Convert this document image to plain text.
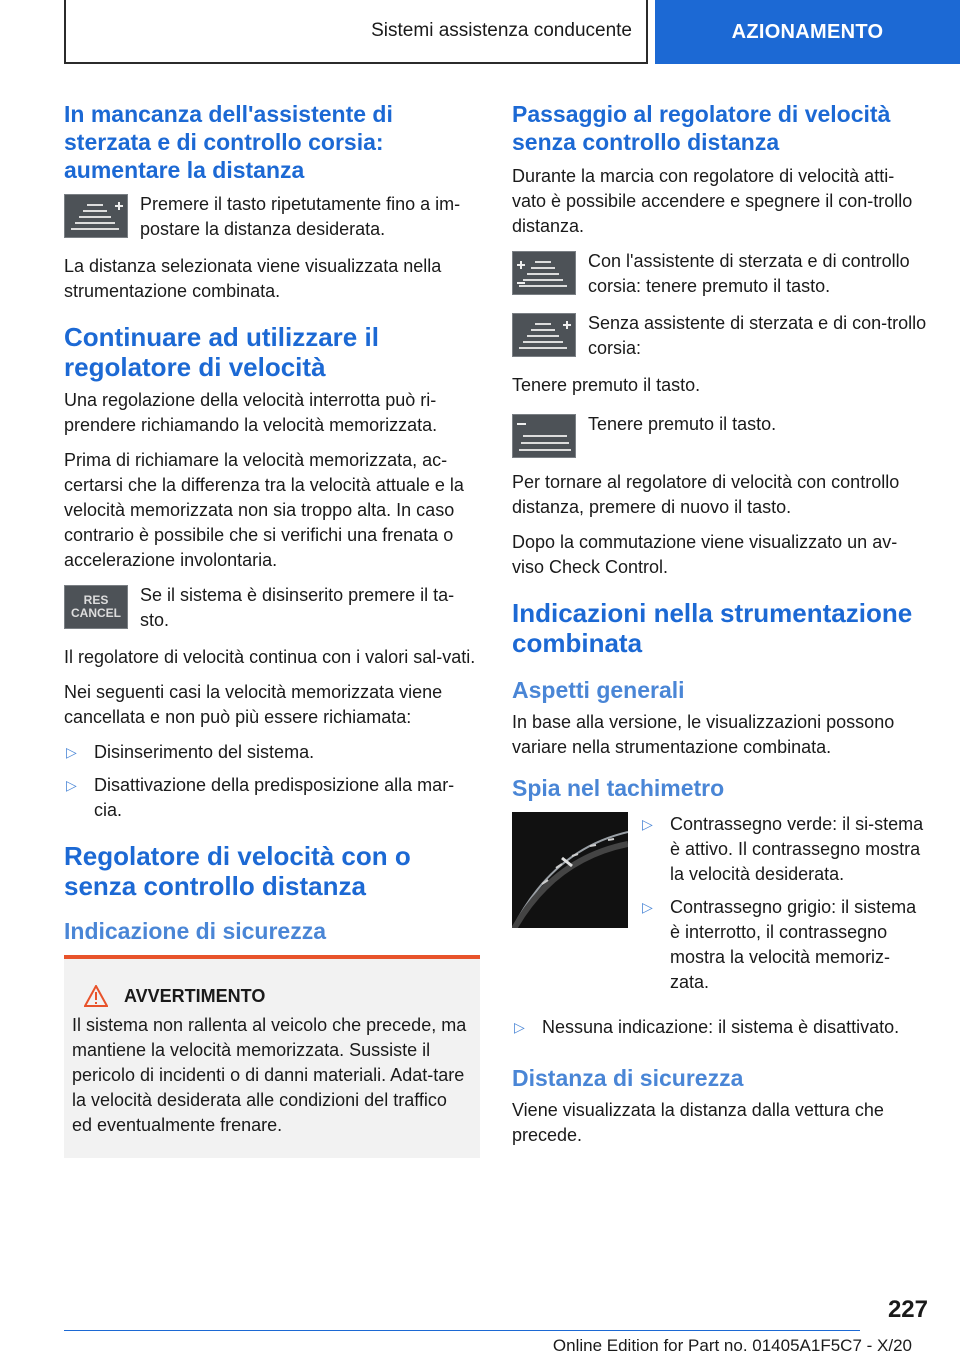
Sistemi assistenza conducente	AZIONAMENTO
In mancanza dell'assistente di sterzata e di controllo corsia: aumentare la distanza

Premere il tasto ripetutamente fino a im-postare la distanza desiderata.

La distanza selezionata viene visualizzata nella strumentazione combinata.

Continuare ad utilizzare il regolatore di velocità

Una regolazione della velocità interrotta può ri-prendere richiamando la velocità memorizzata.

Prima di richiamare la velocità memorizzata, ac-certarsi che la differenza tra la velocità attuale e la velocità memorizzata non sia troppo alta. In caso contrario è possibile che si verifichi una frenata o accelerazione involontaria.

RES
CANCEL

Se il sistema è disinserito premere il ta-sto.

Il regolatore di velocità continua con i valori sal-vati.

Nei seguenti casi la velocità memorizzata viene cancellata e non può più essere richiamata:

▷ Disinserimento del sistema.
▷ Disattivazione della predisposizione alla mar-cia.
Regolatore di velocità con o senza controllo distanza
Indicazione di sicurezza
AVVERTIMENTO

Il sistema non rallenta al veicolo che precede, ma mantiene la velocità memorizzata. Sussiste il pericolo di incidenti o di danni materiali. Adat-tare la velocità desiderata alle condizioni del traffico ed eventualmente frenare.

Passaggio al regolatore di velocità senza controllo distanza

Durante la marcia con regolatore di velocità atti-vato è possibile accendere e spegnere il con-trollo distanza.

Con l'assistente di sterzata e di controllo corsia: tenere premuto il tasto.

Senza assistente di sterzata e di con-trollo corsia:

Tenere premuto il tasto.

Tenere premuto il tasto.

Per tornare al regolatore di velocità con controllo distanza, premere di nuovo il tasto.

Dopo la commutazione viene visualizzato un av-viso Check Control.

Indicazioni nella strumentazione combinata
Aspetti generali

In base alla versione, le visualizzazioni possono variare nella strumentazione combinata.

Spia nel tachimetro
▷ Contrassegno verde: il si-stema è attivo. Il contrassegno mostra la velocità desiderata.
▷ Contrassegno grigio: il sistema è interrotto, il contrassegno mostra la velocità memoriz-zata.
▷ Nessuna indicazione: il sistema è disattivato.
Distanza di sicurezza

Viene visualizzata la distanza dalla vettura che precede.

227
Online Edition for Part no. 01405A1F5C7 - X/20
